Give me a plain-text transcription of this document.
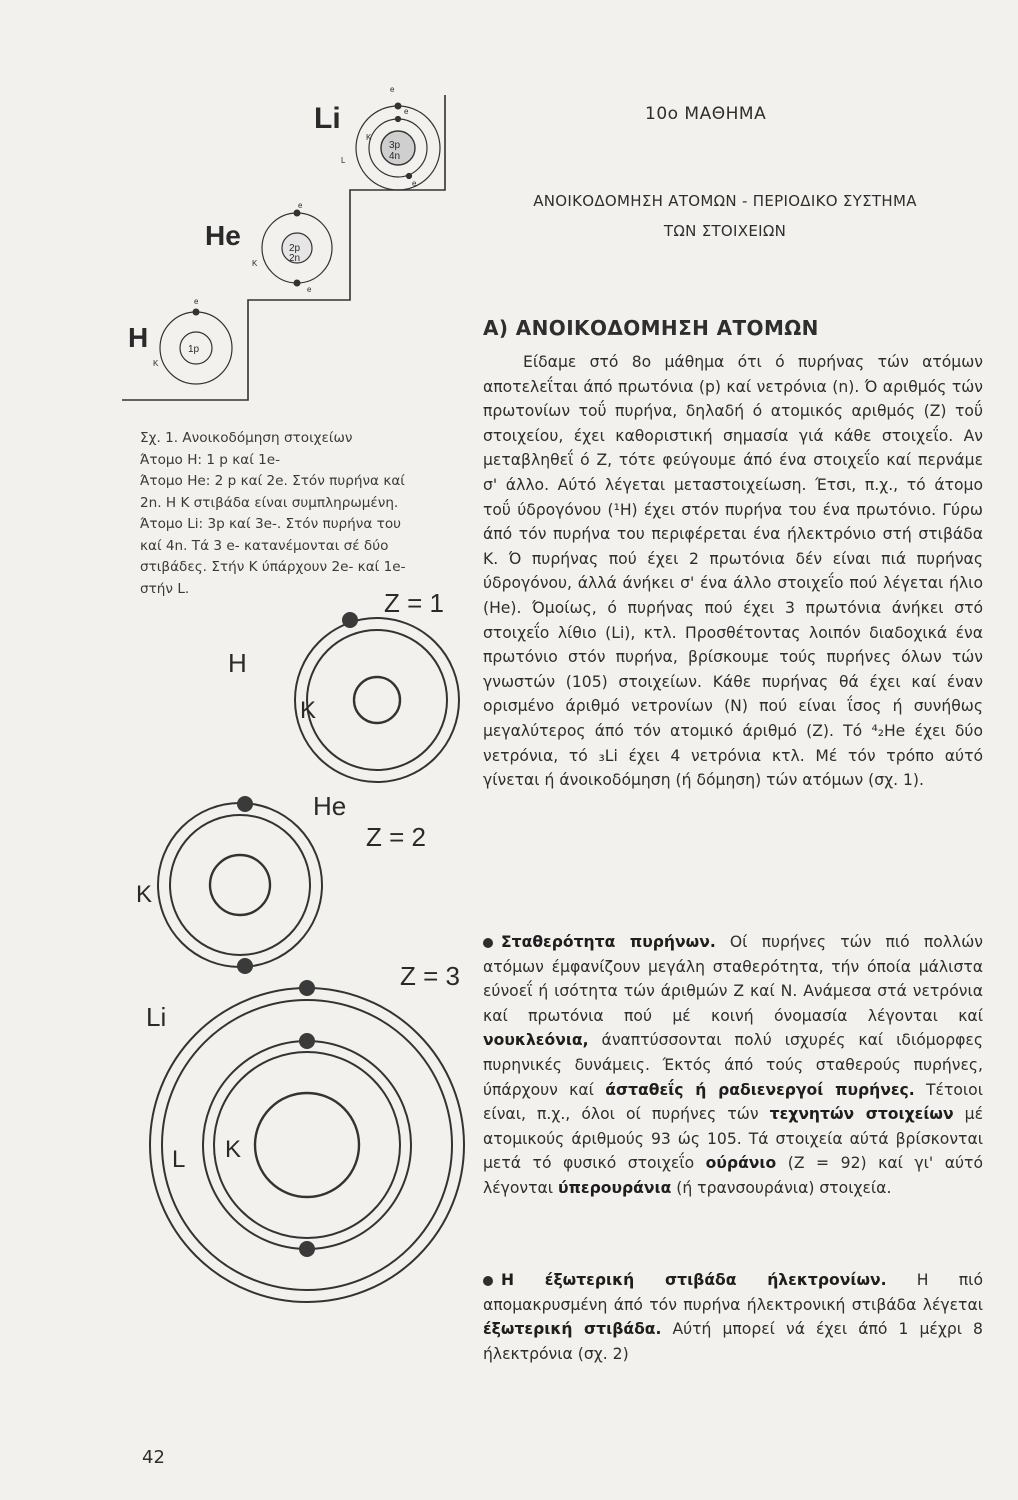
Li
3p
4n
K
L
e
e
e
He	2p
2n
K
e
e
H	1p
K
e
H
Z = 1
K
He
Z = 2
K
Li
Z = 3
L K
10ο ΜΑΘΗΜΑ
ΑΝΟΙΚΟΔΟΜΗΣΗ ΑΤΟΜΩΝ - ΠΕΡΙΟΔΙΚΟ ΣΥΣΤΗΜΑ
ΤΩΝ ΣΤΟΙΧΕΙΩΝ
Α) ΑΝΟΙΚΟΔΟΜΗΣΗ ΑΤΟΜΩΝ
Είδαμε στό 8ο μάθημα ότι ό πυρήνας τών ατόμων αποτελεΐται άπό πρωτόνια (p) καί νετρόνια (n). Ό αριθμός τών πρωτονίων τοΰ πυρήνα, δηλαδή ό ατομικός αριθμός (Ζ) τοΰ στοιχείου, έχει καθοριστική σημασία γιά κάθε στοιχεΐο. Αν μεταβληθεΐ ό Ζ, τότε φεύγουμε άπό ένα στοιχεΐο καί περνάμε σ' άλλο. Αύτό λέγεται μεταστοιχείωση. Έτσι, π.χ., τό άτομο τοΰ ύδρογόνου (¹H) έχει στόν πυρήνα του ένα πρωτόνιο. Γύρω άπό τόν πυρήνα του περιφέρεται ένα ήλεκτρόνιο στή στιβάδα Κ. Ό πυρήνας πού έχει 2 πρωτόνια δέν είναι πιά πυρήνας ύδρογόνου, άλλά άνήκει σ' ένα άλλο στοιχεΐο πού λέγεται ήλιο (He). Όμοίως, ό πυρήνας πού έχει 3 πρωτόνια άνήκει στό στοιχεΐο λίθιο (Li), κτλ. Προσθέτοντας λοιπόν διαδοχικά ένα πρωτόνιο στόν πυρήνα, βρίσκουμε τούς πυρήνες όλων τών γνωστών (105) στοιχείων. Κάθε πυρήνας θά έχει καί έναν ορισμένο άριθμό νετρονίων (Ν) πού είναι ΐσος ή συνήθως μεγαλύτερος άπό τόν ατομικό άριθμό (Ζ). Τό ⁴₂He έχει δύο νετρόνια, τό ₃Li έχει 4 νετρόνια κτλ. Μέ τόν τρόπο αύτό γίνεται ή άνοικοδόμηση (ή δόμηση) τών ατόμων (σχ. 1).
Σταθερότητα πυρήνων. Οί πυρήνες τών πιό πολλών ατόμων έμφανίζουν μεγάλη σταθερότητα, τήν όποία μάλιστα εύνοεΐ ή ισότητα τών άριθμών Ζ καί Ν. Ανάμεσα στά νετρόνια καί πρωτόνια πού μέ κοινή όνομασία λέγονται καί νουκλεόνια, άναπτύσσονται πολύ ισχυρές καί ιδιόμορφες πυρηνικές δυνάμεις. Έκτός άπό τούς σταθερούς πυρήνες, ύπάρχουν καί άσταθεΐς ή ραδιενεργοί πυρήνες. Τέτοιοι είναι, π.χ., όλοι οί πυρήνες τών τεχνητών στοιχείων μέ ατομικούς άριθμούς 93 ώς 105. Τά στοιχεία αύτά βρίσκονται μετά τό φυσικό στοιχεΐο ούράνιο (Ζ = 92) καί γι' αύτό λέγονται ύπερουράνια (ή τρανσουράνια) στοιχεία.
Η έξωτερική στιβάδα ήλεκτρονίων. Η πιό απομακρυσμένη άπό τόν πυρήνα ήλεκτρονική στιβάδα λέγεται έξωτερική στιβάδα. Αύτή μπορεί νά έχει άπό 1 μέχρι 8 ήλεκτρόνια (σχ. 2)

Σχ. 1. Ανοικοδόμηση στοιχείων

Άτομο Η: 1 p καί 1e-

Άτομο He: 2 p καί 2e. Στόν πυρήνα καί

2n. Η Κ στιβάδα είναι συμπληρωμένη.

Άτομο Li: 3p καί 3e-. Στόν πυρήνα του

καί 4n. Τά 3 e- κατανέμονται σέ δύο

στιβάδες. Στήν Κ ύπάρχουν 2e- καί 1e-

στήν L.

42
